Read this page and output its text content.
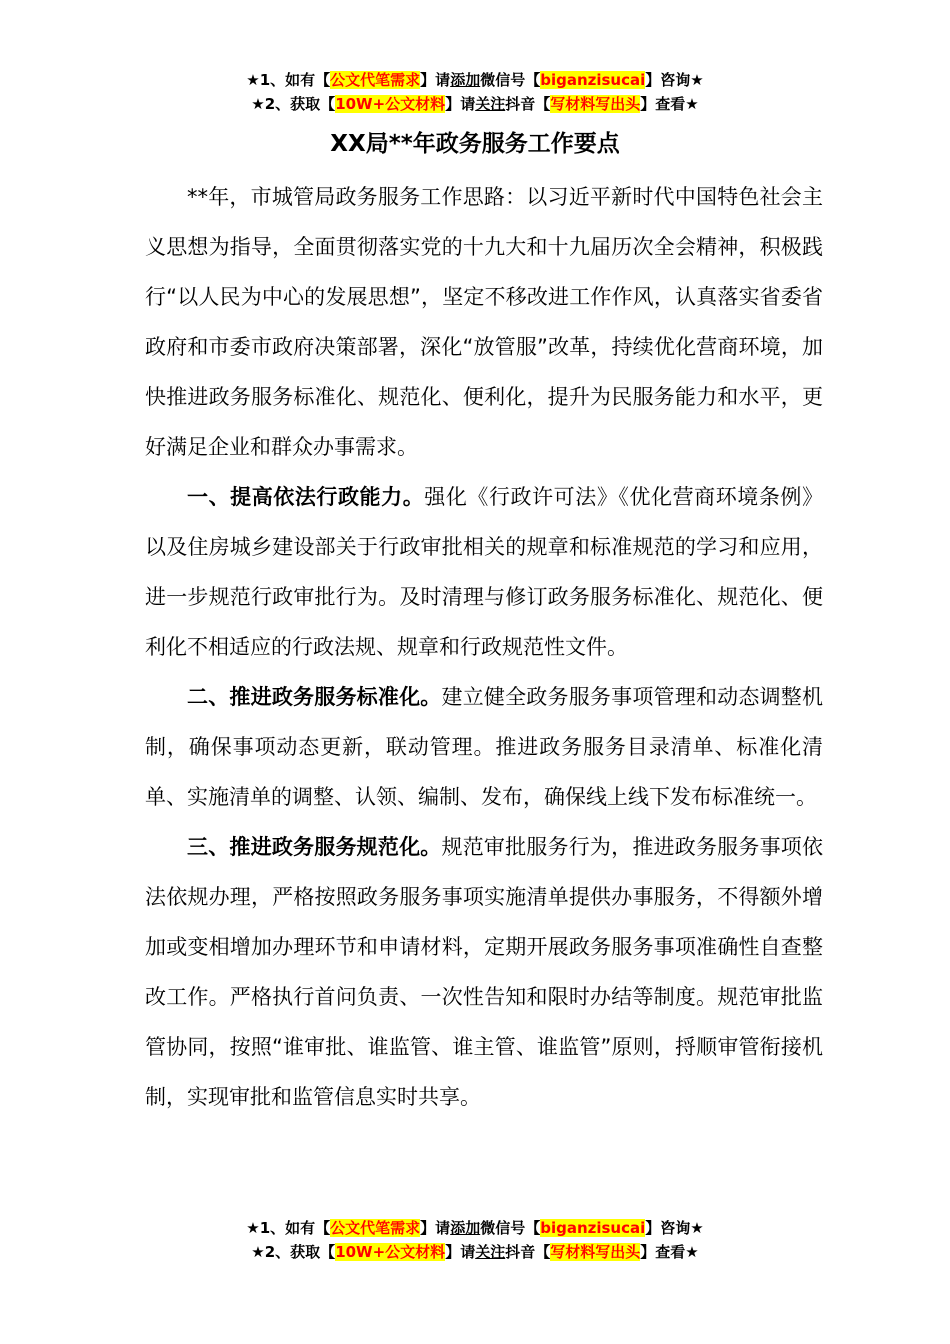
★1、如有【公文代笔需求】请添加微信号【biganzisucai】咨询★
★2、获取【10W+公文材料】请关注抖音【写材料写出头】查看★
XX局**年政务服务工作要点

**年，市城管局政务服务工作思路：以习近平新时代中国特色社会主义思想为指导，全面贯彻落实党的十九大和十九届历次全会精神，积极践行“以人民为中心的发展思想”，坚定不移改进工作作风，认真落实省委省政府和市委市政府决策部署，深化“放管服”改革，持续优化营商环境，加快推进政务服务标准化、规范化、便利化，提升为民服务能力和水平，更好满足企业和群众办事需求。

一、提高依法行政能力。强化《行政许可法》《优化营商环境条例》以及住房城乡建设部关于行政审批相关的规章和标准规范的学习和应用，进一步规范行政审批行为。及时清理与修订政务服务标准化、规范化、便利化不相适应的行政法规、规章和行政规范性文件。

二、推进政务服务标准化。建立健全政务服务事项管理和动态调整机制，确保事项动态更新，联动管理。推进政务服务目录清单、标准化清单、实施清单的调整、认领、编制、发布，确保线上线下发布标准统一。

三、推进政务服务规范化。规范审批服务行为，推进政务服务事项依法依规办理，严格按照政务服务事项实施清单提供办事服务，不得额外增加或变相增加办理环节和申请材料，定期开展政务服务事项准确性自查整改工作。严格执行首问负责、一次性告知和限时办结等制度。规范审批监管协同，按照“谁审批、谁监管、谁主管、谁监管”原则，捋顺审管衔接机制，实现审批和监管信息实时共享。

★1、如有【公文代笔需求】请添加微信号【biganzisucai】咨询★
★2、获取【10W+公文材料】请关注抖音【写材料写出头】查看★
